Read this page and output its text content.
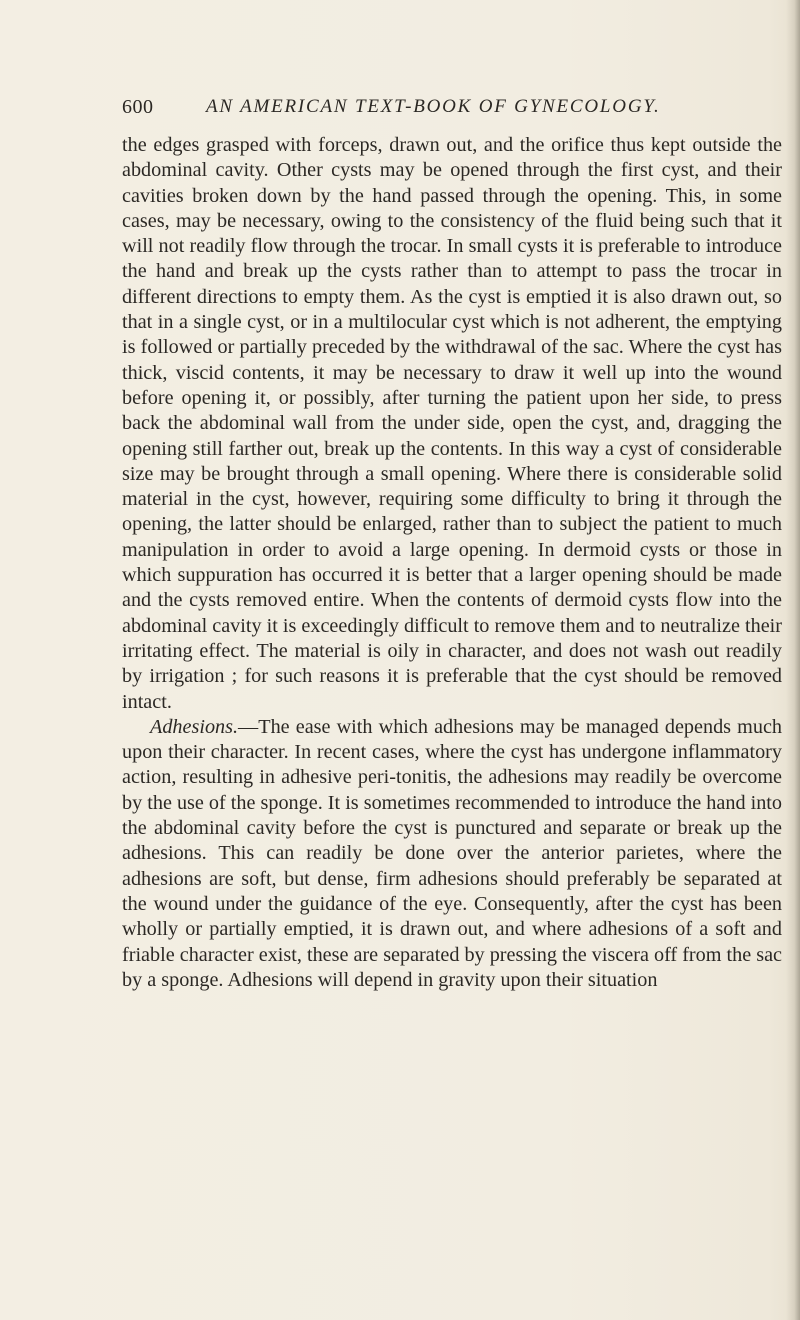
600	AN AMERICAN TEXT-BOOK OF GYNECOLOGY.

the edges grasped with forceps, drawn out, and the orifice thus kept outside the abdominal cavity. Other cysts may be opened through the first cyst, and their cavities broken down by the hand passed through the opening. This, in some cases, may be necessary, owing to the consistency of the fluid being such that it will not readily flow through the trocar. In small cysts it is preferable to introduce the hand and break up the cysts rather than to attempt to pass the trocar in different directions to empty them. As the cyst is emptied it is also drawn out, so that in a single cyst, or in a multilocular cyst which is not adherent, the emptying is followed or partially preceded by the withdrawal of the sac. Where the cyst has thick, viscid contents, it may be necessary to draw it well up into the wound before opening it, or possibly, after turning the patient upon her side, to press back the abdominal wall from the under side, open the cyst, and, dragging the opening still farther out, break up the contents. In this way a cyst of considerable size may be brought through a small opening. Where there is considerable solid material in the cyst, however, requiring some difficulty to bring it through the opening, the latter should be enlarged, rather than to subject the patient to much manipulation in order to avoid a large opening. In dermoid cysts or those in which suppuration has occurred it is better that a larger opening should be made and the cysts removed entire. When the contents of dermoid cysts flow into the abdominal cavity it is exceedingly difficult to remove them and to neutralize their irritating effect. The material is oily in character, and does not wash out readily by irrigation ; for such reasons it is preferable that the cyst should be removed intact.

Adhesions.—The ease with which adhesions may be managed depends much upon their character. In recent cases, where the cyst has undergone inflammatory action, resulting in adhesive peri-tonitis, the adhesions may readily be overcome by the use of the sponge. It is sometimes recommended to introduce the hand into the abdominal cavity before the cyst is punctured and separate or break up the adhesions. This can readily be done over the anterior parietes, where the adhesions are soft, but dense, firm adhesions should preferably be separated at the wound under the guidance of the eye. Consequently, after the cyst has been wholly or partially emptied, it is drawn out, and where adhesions of a soft and friable character exist, these are separated by pressing the viscera off from the sac by a sponge. Adhesions will depend in gravity upon their situation
